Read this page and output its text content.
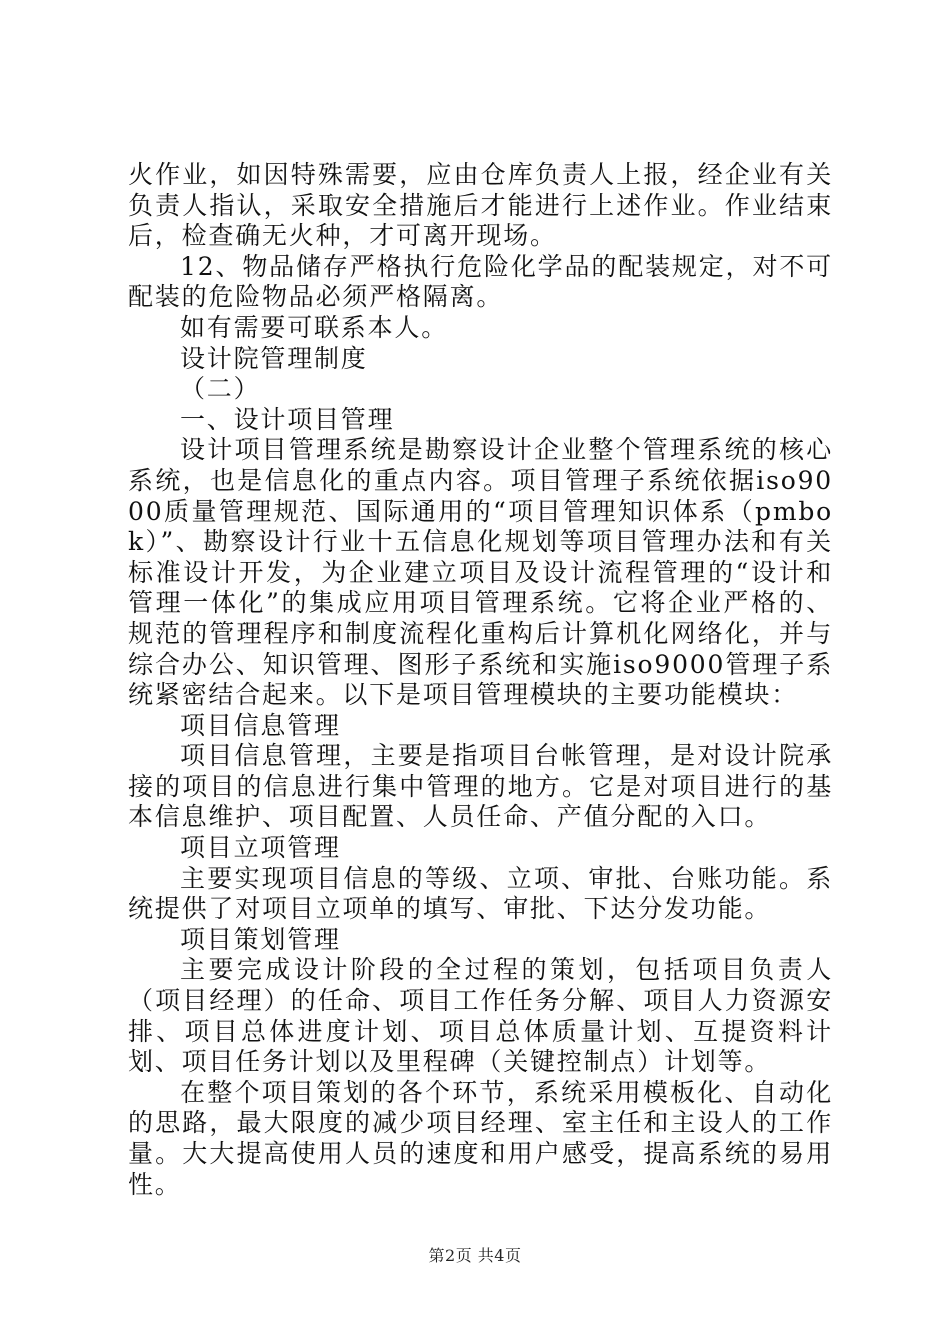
火作业，如因特殊需要，应由仓库负责人上报，经企业有关负责人指认，采取安全措施后才能进行上述作业。作业结束后，检查确无火种，才可离开现场。

12、物品储存严格执行危险化学品的配装规定，对不可配装的危险物品必须严格隔离。

如有需要可联系本人。

设计院管理制度

（二）

一、设计项目管理

设计项目管理系统是勘察设计企业整个管理系统的核心系统，也是信息化的重点内容。项目管理子系统依据iso9000质量管理规范、国际通用的“项目管理知识体系（pmbok）”、勘察设计行业十五信息化规划等项目管理办法和有关标准设计开发，为企业建立项目及设计流程管理的“设计和管理一体化”的集成应用项目管理系统。它将企业严格的、规范的管理程序和制度流程化重构后计算机化网络化，并与综合办公、知识管理、图形子系统和实施iso9000管理子系统紧密结合起来。以下是项目管理模块的主要功能模块：

项目信息管理

项目信息管理，主要是指项目台帐管理，是对设计院承接的项目的信息进行集中管理的地方。它是对项目进行的基本信息维护、项目配置、人员任命、产值分配的入口。

项目立项管理

主要实现项目信息的等级、立项、审批、台账功能。系统提供了对项目立项单的填写、审批、下达分发功能。

项目策划管理

主要完成设计阶段的全过程的策划，包括项目负责人（项目经理）的任命、项目工作任务分解、项目人力资源安排、项目总体进度计划、项目总体质量计划、互提资料计划、项目任务计划以及里程碑（关键控制点）计划等。

在整个项目策划的各个环节，系统采用模板化、自动化的思路，最大限度的减少项目经理、室主任和主设人的工作量。大大提高使用人员的速度和用户感受，提高系统的易用性。

第2页 共4页
